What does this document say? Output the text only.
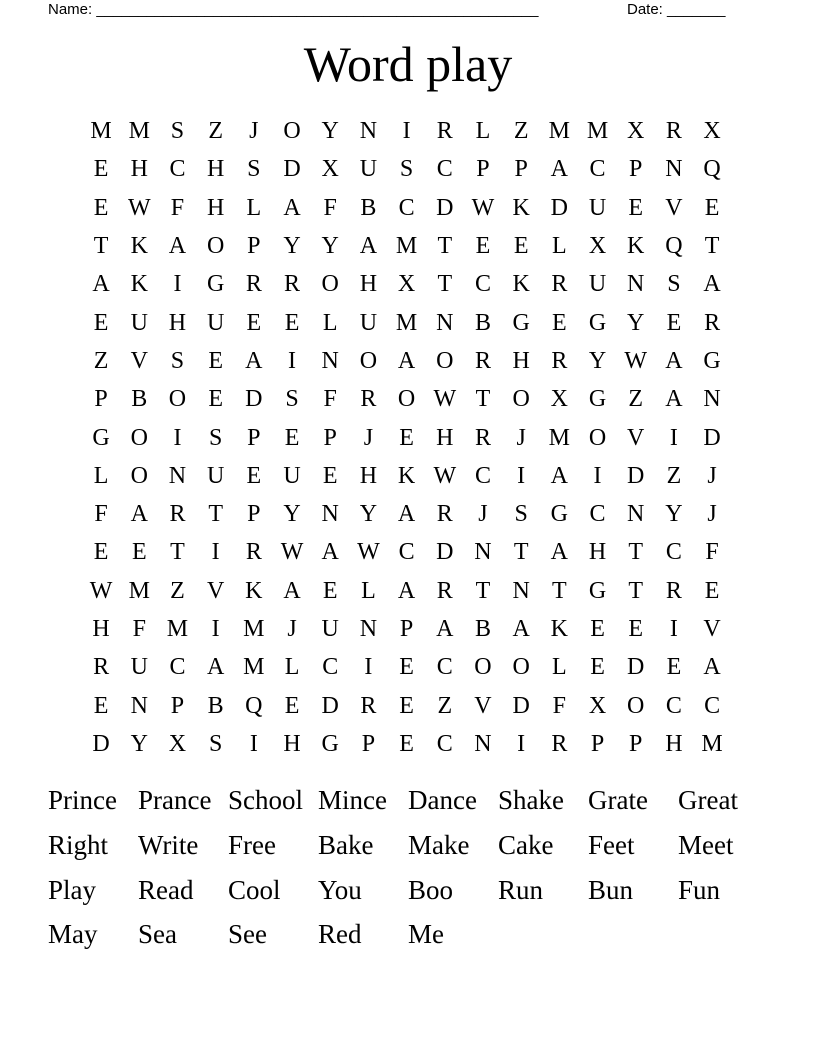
Name: _____________________________________________________	Date: _______
Word play
M M S	Z	J	O Y N	I	R L Z M M X R X
E H C H S D X U S C P	P A C P N Q
E W F H L A F B C D W K D U E V E
T K A O P Y Y A M T E E L X K Q T
A K	I	G R R O H X T C K R U N S A
E U H U E E L U M N B G E G Y E R
Z V S	E A	I	N O A O R H R Y W A G
P B O E D S	F R O W T O X G Z A N
G O	I	S	P	E	P	J	E H R	J M O V	I	D
L O N U E U E H K W C	I	A	I	D Z	J
F A R T	P Y N Y A R	J	S G C N Y	J
E E T	I	R W A W C D N T A H T C F
W M Z V K A E L A R T N T G T R E
H F M I M J	U N P A B A K E E	I	V
R U C A M L C	I	E C O O L E D E A
E N P B Q E D R E Z V D F X O C C
D Y X S	I	H G P	E C N	I	R P	P H M
Prince Prance School Mince Dance Shake Grate	Great
Right	Write	Free	Bake	Make	Cake	Feet	Meet
Play	Read	Cool	You	Boo	Run	Bun	Fun
May	Sea	See	Red	Me
